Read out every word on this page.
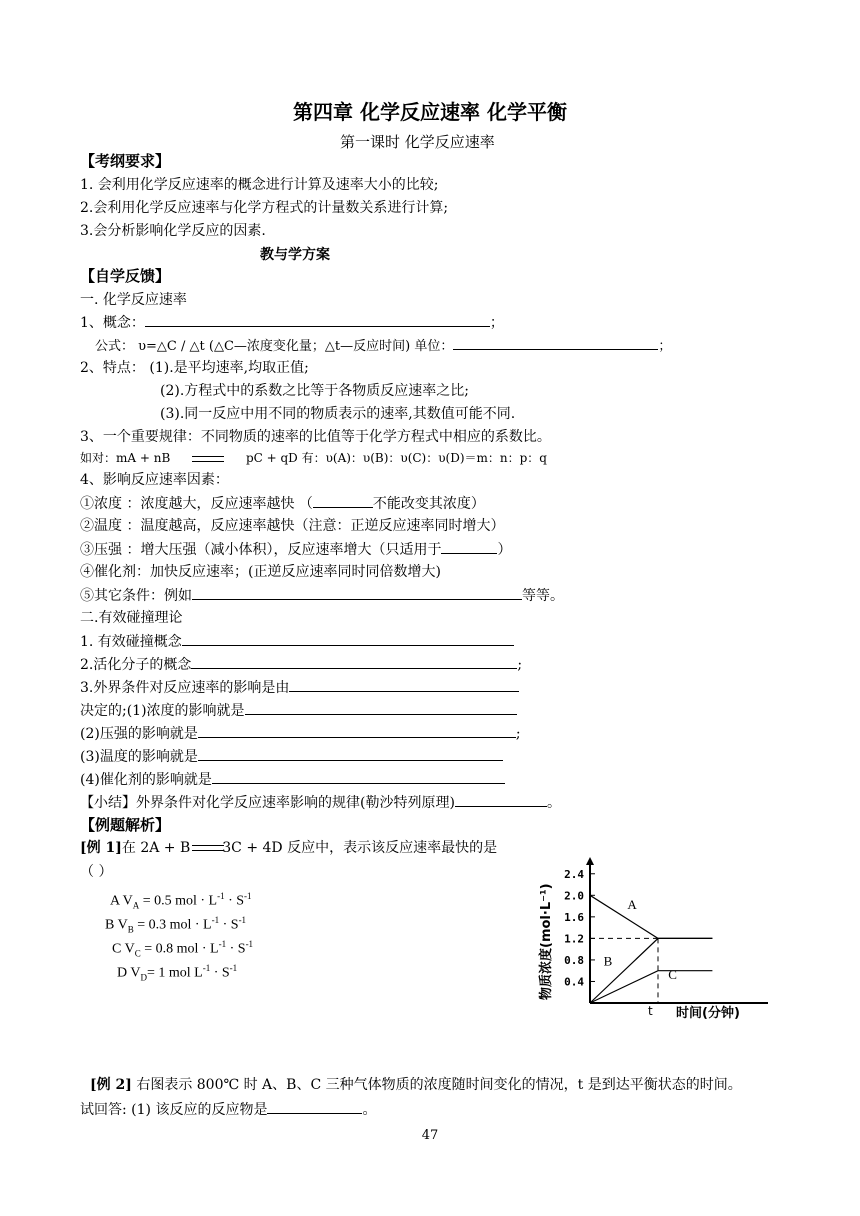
第四章 化学反应速率 化学平衡
第一课时 化学反应速率
【考纲要求】
1. 会利用化学反应速率的概念进行计算及速率大小的比较;
2.会利用化学反应速率与化学方程式的计量数关系进行计算;
3.会分析影响化学反应的因素.
教与学方案
【自学反馈】
一. 化学反应速率
1、概念：	；
公式： υ=△C / △t (△C—浓度变化量；△t—反应时间) 单位：	；
2、特点： (1).是平均速率,均取正值;
(2).方程式中的系数之比等于各物质反应速率之比;
(3).同一反应中用不同的物质表示的速率,其数值可能不同.
3、一个重要规律：不同物质的速率的比值等于化学方程式中相应的系数比。
如对：mA + nB	pC + qD 有：υ(A)：υ(B)：υ(C)：υ(D)＝m：n：p：q
4、影响反应速率因素：
①浓度 ：浓度越大，反应速率越快 （	不能改变其浓度）
②温度 ：温度越高，反应速率越快（注意：正逆反应速率同时增大）
③压强 ：增大压强（减小体积），反应速率增大（只适用于	）
④催化剂：加快反应速率；(正逆反应速率同时同倍数增大)
⑤其它条件：例如	等等。
二.有效碰撞理论
1. 有效碰撞概念
2.活化分子的概念	;
3.外界条件对反应速率的影响是由
决定的;(1)浓度的影响就是
(2)压强的影响就是	;
(3)温度的影响就是
(4)催化剂的影响就是
【小结】外界条件对化学反应速率影响的规律(勒沙特列原理)	。
【例题解析】
[例 1]在 2A + B 3C + 4D 反应中，表示该反应速率最快的是
（ ）
A $V_A = 0.5$ mol · $L^{-1} \cdot S^{-1}$
B $V_B = 0.3$ mol · $L^{-1} \cdot S^{-1}$
C $V_C = 0.8$ mol · $L^{-1} \cdot S^{-1}$
D $V_D= 1$ mol $L^{-1} \cdot S^{-1}$
0.4
0.8
1.2
1.6
2.0
2.4
A
B
C
物质浓度(mol·L⁻¹)
时间(分钟)
t
[例 2] 右图表示 800℃ 时 A、B、C 三种气体物质的浓度随时间变化的情况，t 是到达平衡状态的时间。
试回答: (1) 该反应的反应物是	。
47
